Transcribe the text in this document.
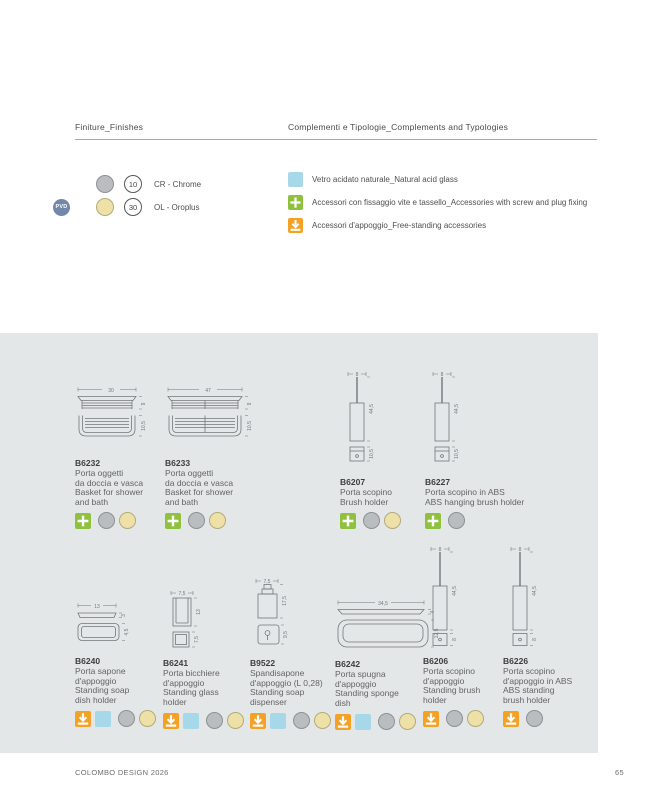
Finiture_Finishes	Complementi e Tipologie_Complements and Typologies
10	CR - Chrome
PVD	30	OL - Oroplus
Vetro acidato naturale_Natural acid glass
Accessori con fissaggio vite e tassello_Accessories with screw and plug fixing
Accessori d'appoggio_Free-standing accessories
30
9
10,5
B6232
Porta oggetti
da doccia e vasca
Basket for shower
and bath
47
9
10,5
B6233
Porta oggetti
da doccia e vasca
Basket for shower
and bath
8
44,5
10,5
B6207
Porta scopino
Brush holder
8
44,5
10,5
B6227
Porta scopino in ABS
ABS hanging brush holder
13
3
4,5
B6240
Porta sapone
d'appoggio
Standing soap
dish holder
7,5
13
7,5
B6241
Porta bicchiere
d'appoggio
Standing glass
holder
7,5
17,5
9,5
B9522
Spandisapone
d'appoggio (L 0,28)
Standing soap
dispenser
34,5
4
12,5
B6242
Porta spugna
d'appoggio
Standing sponge
dish
8
44,5
8
B6206
Porta scopino
d'appoggio
Standing brush
holder
8
44,5
8
B6226
Porta scopino
d'appoggio in ABS
ABS standing
brush holder
COLOMBO DESIGN 2026	65
